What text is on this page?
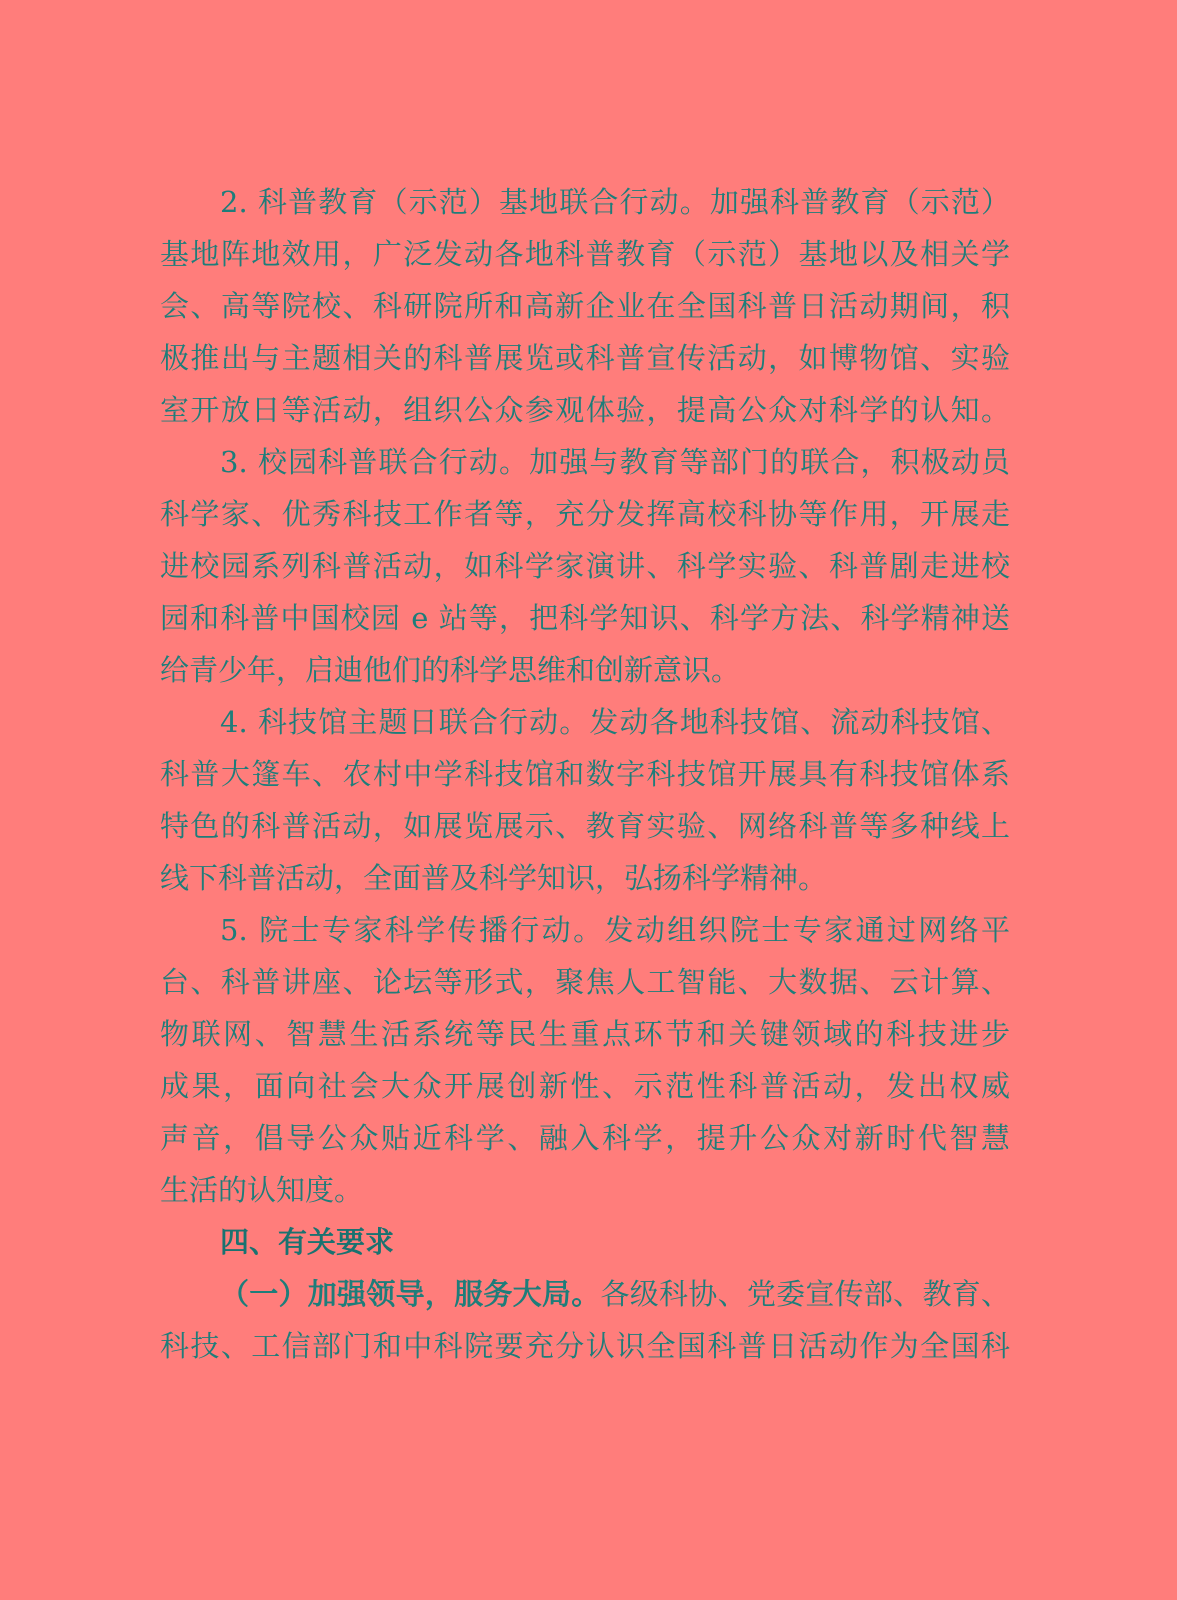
2. 科普教育（示范）基地联合行动。加强科普教育（示范）
基地阵地效用，广泛发动各地科普教育（示范）基地以及相关学
会、高等院校、科研院所和高新企业在全国科普日活动期间，积
极推出与主题相关的科普展览或科普宣传活动，如博物馆、实验
室开放日等活动，组织公众参观体验，提高公众对科学的认知。
3. 校园科普联合行动。加强与教育等部门的联合，积极动员
科学家、优秀科技工作者等，充分发挥高校科协等作用，开展走
进校园系列科普活动，如科学家演讲、科学实验、科普剧走进校
园和科普中国校园 e 站等，把科学知识、科学方法、科学精神送
给青少年，启迪他们的科学思维和创新意识。
4. 科技馆主题日联合行动。发动各地科技馆、流动科技馆、
科普大篷车、农村中学科技馆和数字科技馆开展具有科技馆体系
特色的科普活动，如展览展示、教育实验、网络科普等多种线上
线下科普活动，全面普及科学知识，弘扬科学精神。
5. 院士专家科学传播行动。发动组织院士专家通过网络平
台、科普讲座、论坛等形式，聚焦人工智能、大数据、云计算、
物联网、智慧生活系统等民生重点环节和关键领域的科技进步
成果，面向社会大众开展创新性、示范性科普活动，发出权威
声音，倡导公众贴近科学、融入科学，提升公众对新时代智慧
生活的认知度。
四、有关要求
（一）加强领导，服务大局。各级科协、党委宣传部、教育、
科技、工信部门和中科院要充分认识全国科普日活动作为全国科
